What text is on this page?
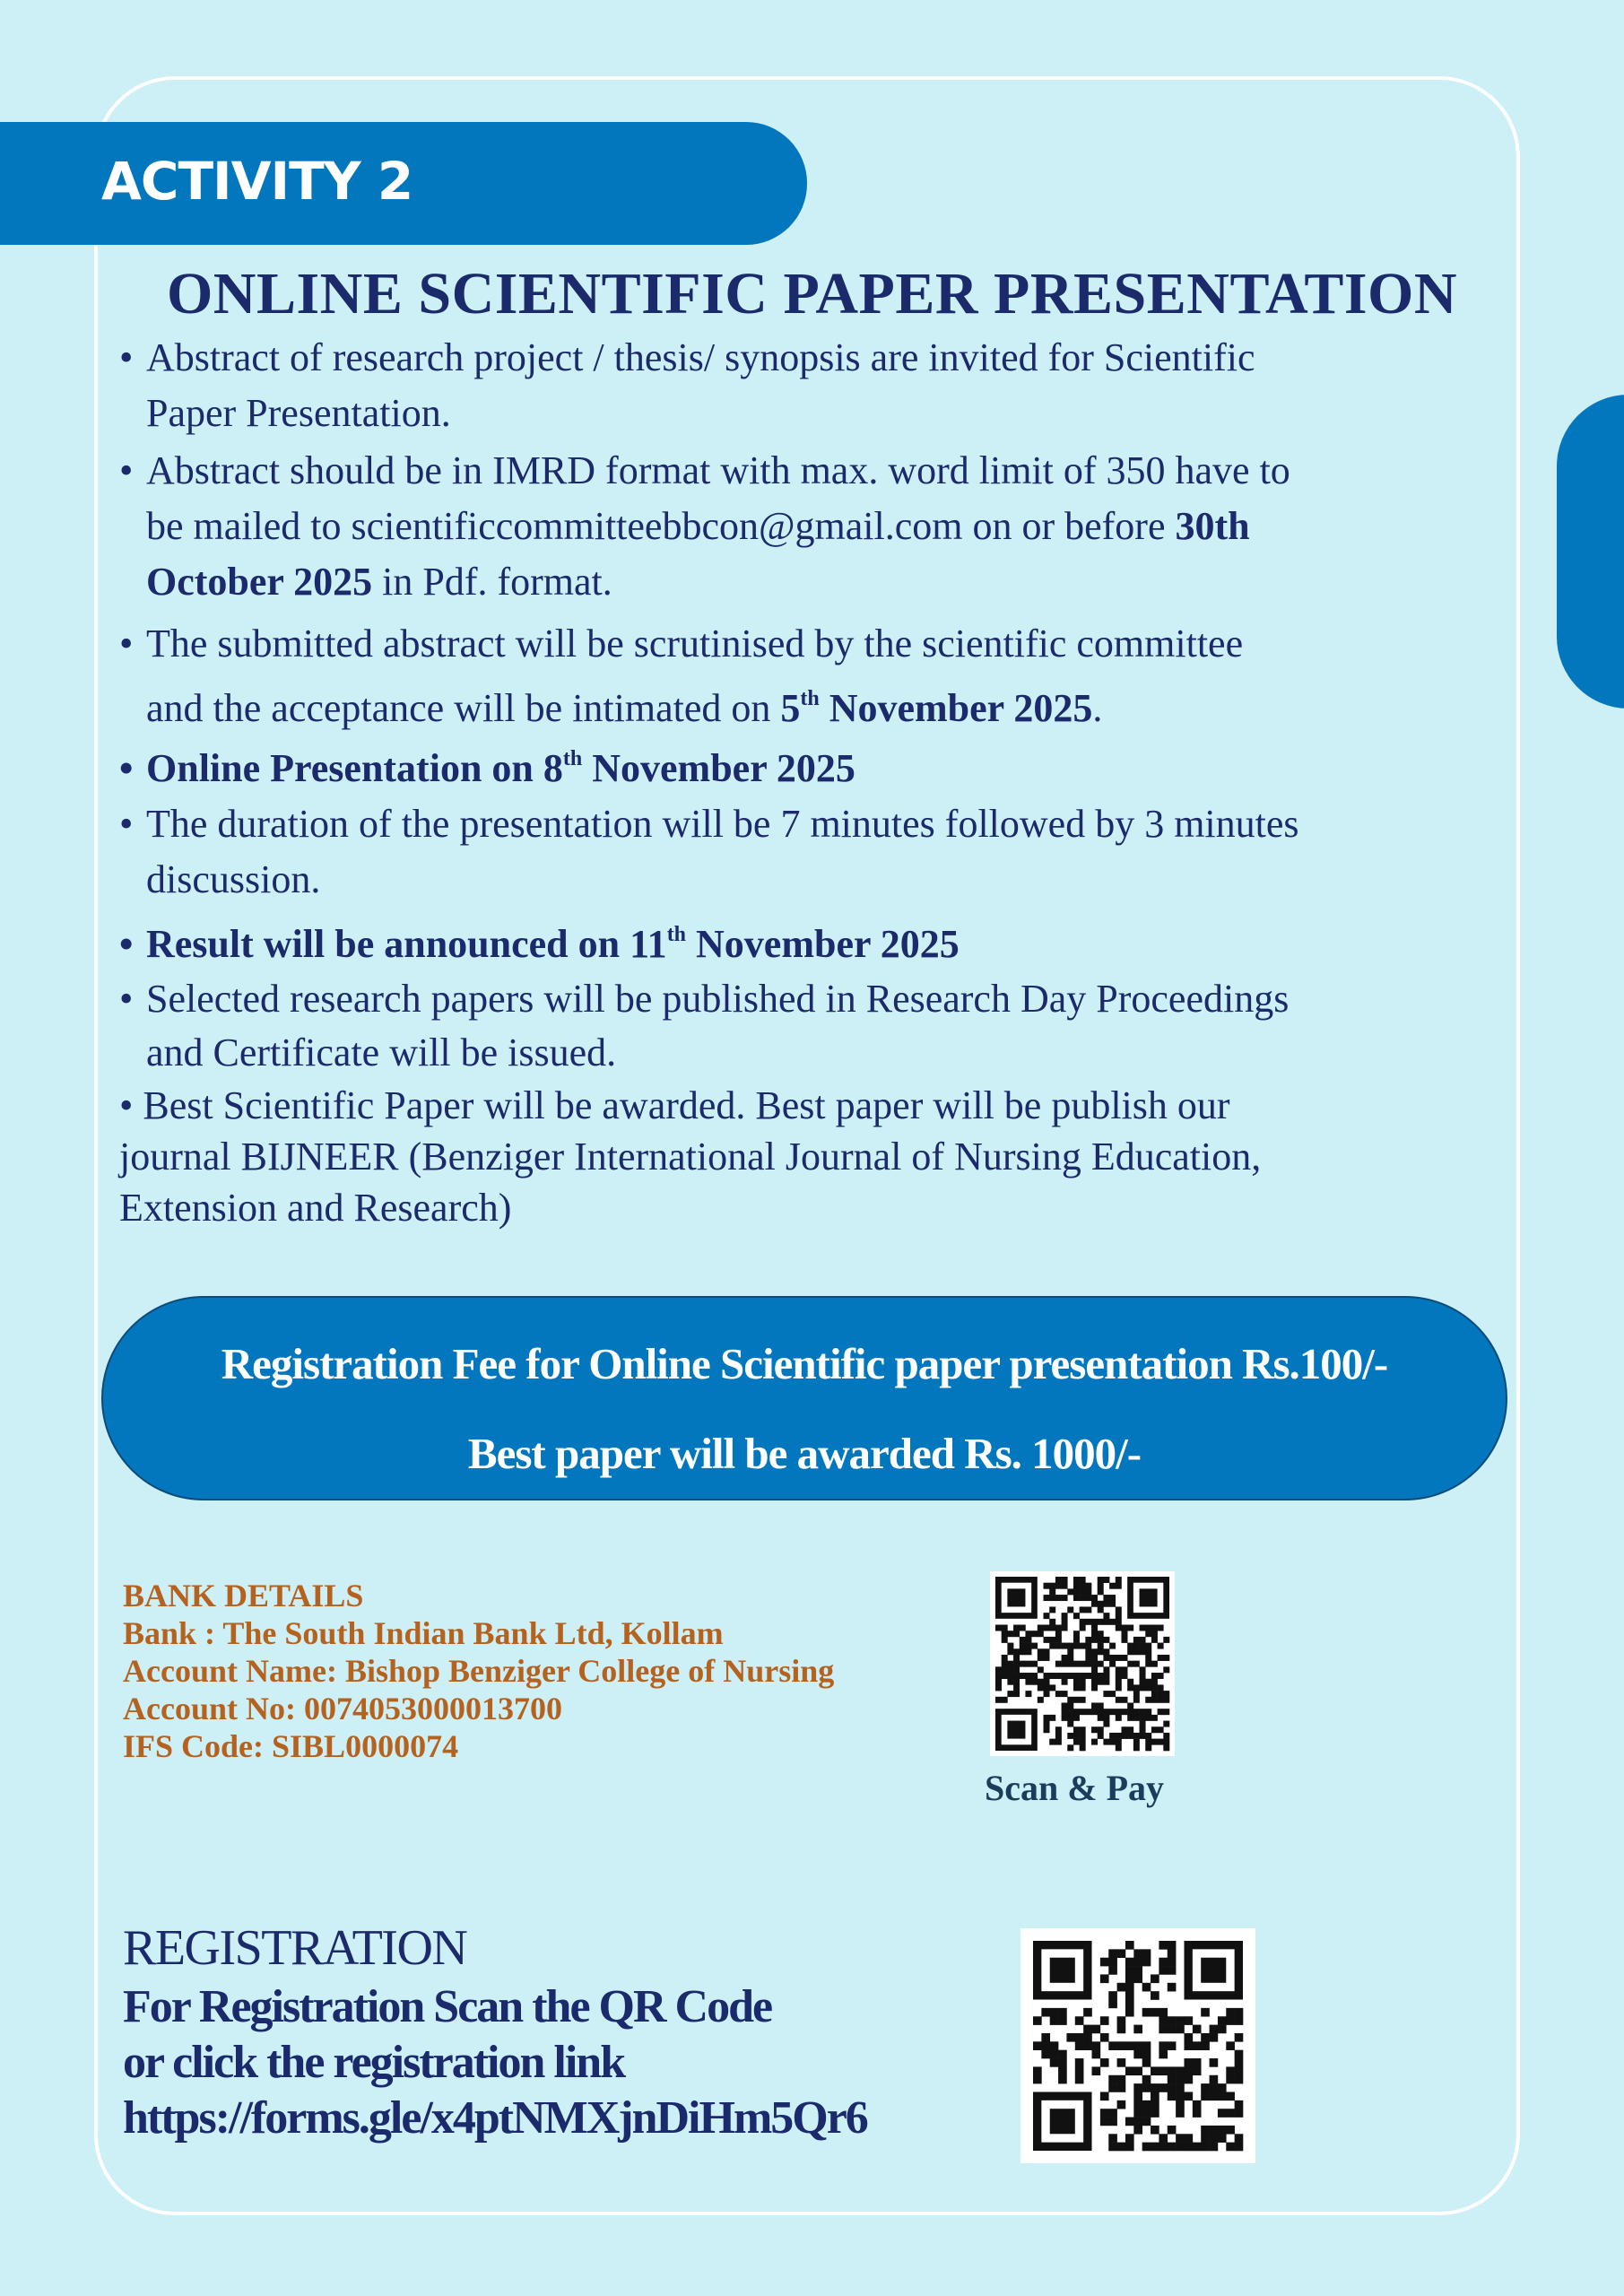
ACTIVITY 2
ONLINE SCIENTIFIC PAPER PRESENTATION

• Abstract of research project / thesis/ synopsis are invited for Scientific
Paper Presentation.

• Abstract should be in IMRD format with max. word limit of 350 have to
be mailed to scientificcommitteebbcon@gmail.com on or before 30th
October 2025 in Pdf. format.

• The submitted abstract will be scrutinised by the scientific committee
and the acceptance will be intimated on 5th November 2025.

• Online Presentation on 8th November 2025

• The duration of the presentation will be 7 minutes followed by 3 minutes
discussion.

• Result will be announced on 11th November 2025

• Selected research papers will be published in Research Day Proceedings
and Certificate will be issued.

• Best Scientific Paper will be awarded. Best paper will be publish our
journal BIJNEER (Benziger International Journal of Nursing Education,
Extension and Research)

Registration Fee for Online Scientific paper presentation Rs.100/-
Best paper will be awarded Rs. 1000/-
BANK DETAILS
Bank : The South Indian Bank Ltd, Kollam
Account Name: Bishop Benziger College of Nursing
Account No: 0074053000013700
IFS Code: SIBL0000074
Scan & Pay
REGISTRATION
For Registration Scan the QR Code
or click the registration link
https://forms.gle/x4ptNMXjnDiHm5Qr6
